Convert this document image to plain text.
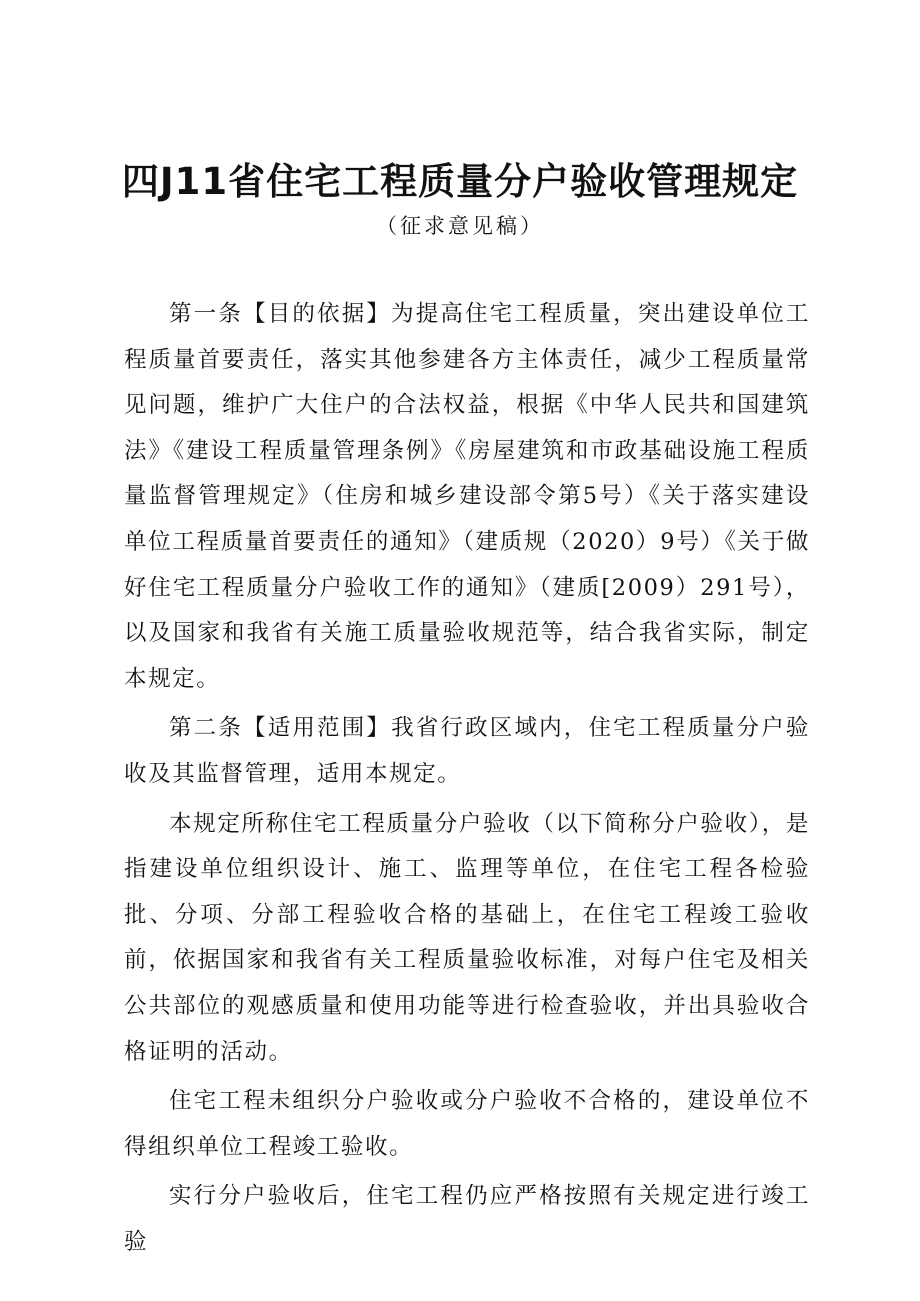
四J11省住宅工程质量分户验收管理规定
（征求意见稿）

第一条【目的依据】为提高住宅工程质量，突出建设单位工程质量首要责任，落实其他参建各方主体责任，减少工程质量常见问题，维护广大住户的合法权益，根据《中华人民共和国建筑法》《建设工程质量管理条例》《房屋建筑和市政基础设施工程质量监督管理规定》（住房和城乡建设部令第5号）《关于落实建设单位工程质量首要责任的通知》（建质规（2020）9号）《关于做好住宅工程质量分户验收工作的通知》（建质[2009）291号），以及国家和我省有关施工质量验收规范等，结合我省实际，制定本规定。

第二条【适用范围】我省行政区域内，住宅工程质量分户验收及其监督管理，适用本规定。

本规定所称住宅工程质量分户验收（以下简称分户验收），是指建设单位组织设计、施工、监理等单位，在住宅工程各检验批、分项、分部工程验收合格的基础上，在住宅工程竣工验收前，依据国家和我省有关工程质量验收标准，对每户住宅及相关公共部位的观感质量和使用功能等进行检查验收，并出具验收合格证明的活动。

住宅工程未组织分户验收或分户验收不合格的，建设单位不得组织单位工程竣工验收。

实行分户验收后，住宅工程仍应严格按照有关规定进行竣工验
